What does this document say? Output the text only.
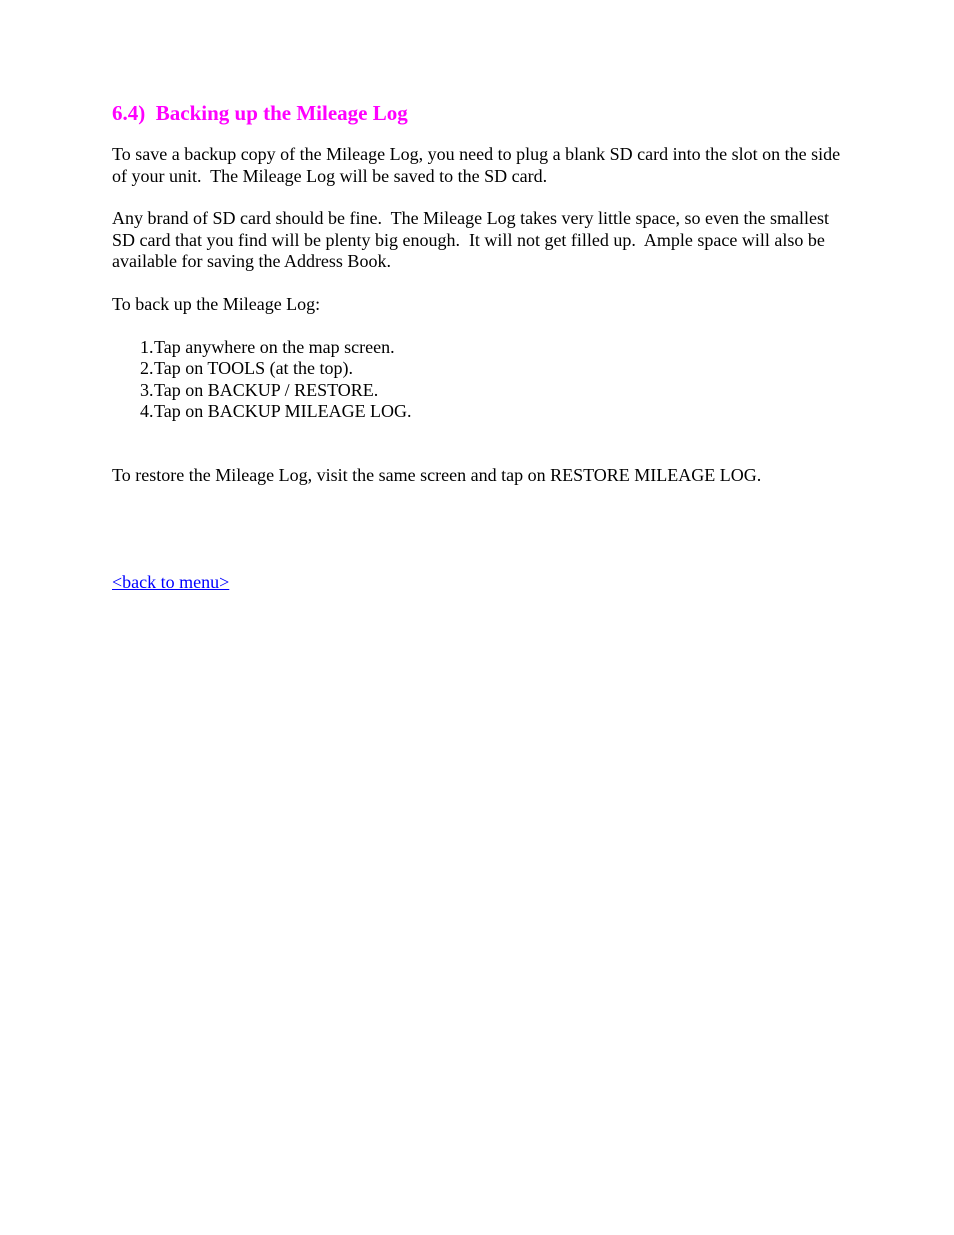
6.4)  Backing up the Mileage Log

To save a backup copy of the Mileage Log, you need to plug a blank SD card into the slot on the side of your unit.  The Mileage Log will be saved to the SD card.

Any brand of SD card should be fine.  The Mileage Log takes very little space, so even the smallest SD card that you find will be plenty big enough.  It will not get filled up.  Ample space will also be available for saving the Address Book.

To back up the Mileage Log:

1. Tap anywhere on the map screen.
2. Tap on TOOLS (at the top).
3. Tap on BACKUP / RESTORE.
4. Tap on BACKUP MILEAGE LOG.

To restore the Mileage Log, visit the same screen and tap on RESTORE MILEAGE LOG.

<back to menu>
